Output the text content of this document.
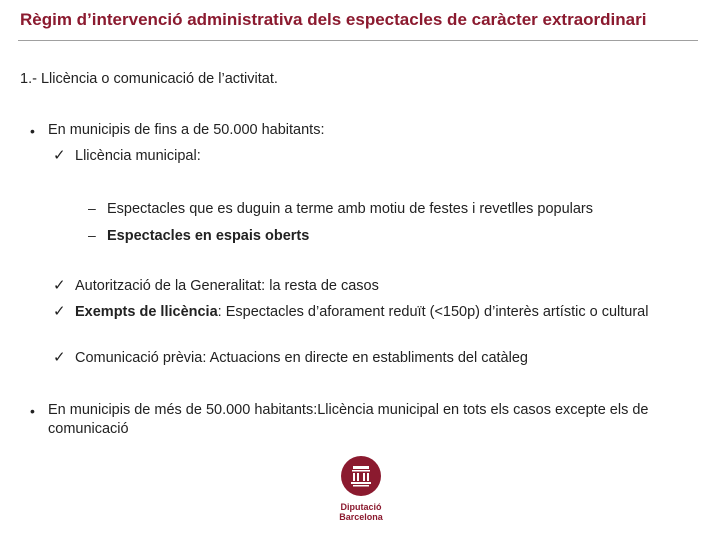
Règim d’intervenció administrativa dels espectacles de caràcter extraordinari
1.- Llicència o comunicació de l’activitat.
• En municipis de fins a de 50.000 habitants:
✓ Llicència municipal:
– Espectacles que es duguin a terme amb motiu de festes i revetlles populars
– Espectacles en espais oberts
✓ Autorització de la Generalitat: la resta de casos
✓ Exempts de llicència: Espectacles d’aforament reduït (<150p) d’interès artístic o cultural
✓ Comunicació prèvia: Actuacions en directe en establiments del catàleg
• En municipis de més de 50.000 habitants:Llicència municipal en tots els casos excepte els de comunicació
Diputació
Barcelona
